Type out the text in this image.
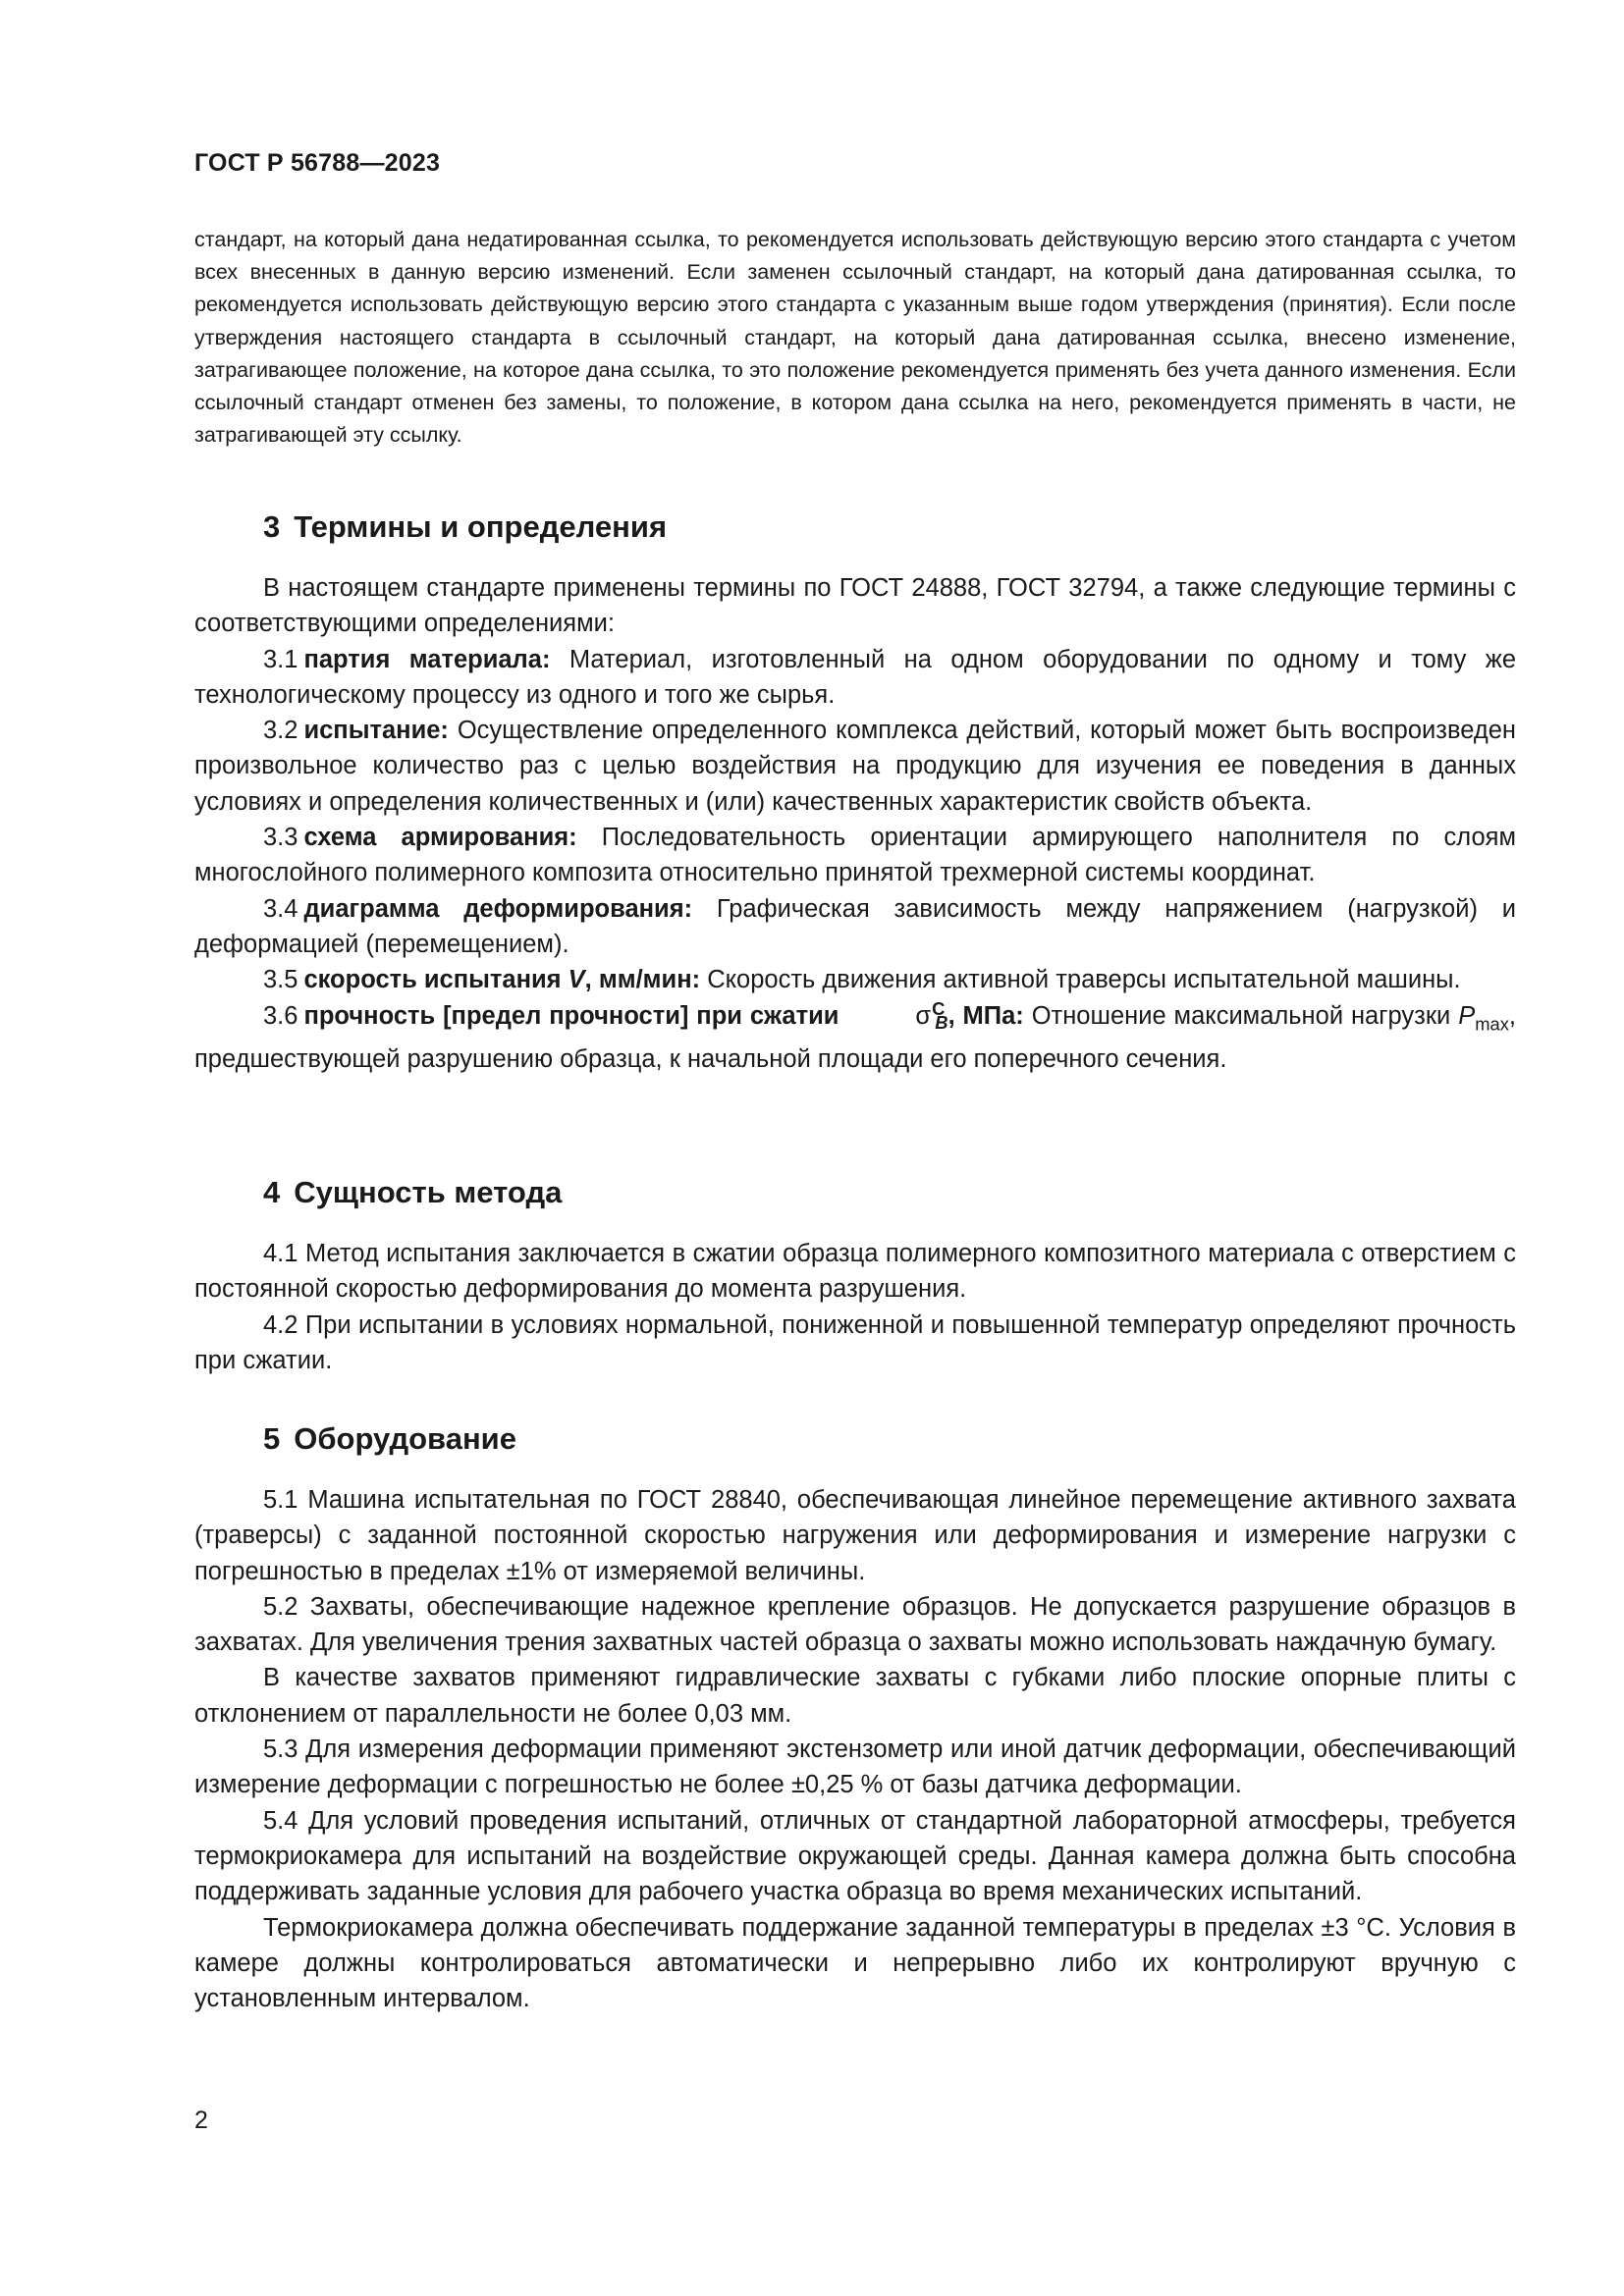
ГОСТ Р 56788—2023

стандарт, на который дана недатированная ссылка, то рекомендуется использовать действующую версию этого стандарта с учетом всех внесенных в данную версию изменений. Если заменен ссылочный стандарт, на который дана датированная ссылка, то рекомендуется использовать действующую версию этого стандарта с указанным выше годом утверждения (принятия). Если после утверждения настоящего стандарта в ссылочный стандарт, на который дана датированная ссылка, внесено изменение, затрагивающее положение, на которое дана ссылка, то это положение рекомендуется применять без учета данного изменения. Если ссылочный стандарт отменен без замены, то положение, в котором дана ссылка на него, рекомендуется применять в части, не затрагивающей эту ссылку.

3 Термины и определения

В настоящем стандарте применены термины по ГОСТ 24888, ГОСТ 32794, а также следующие термины с соответствующими определениями:

3.1 партия материала: Материал, изготовленный на одном оборудовании по одному и тому же технологическому процессу из одного и того же сырья.

3.2 испытание: Осуществление определенного комплекса действий, который может быть воспроизведен произвольное количество раз с целью воздействия на продукцию для изучения ее поведения в данных условиях и определения количественных и (или) качественных характеристик свойств объекта.

3.3 схема армирования: Последовательность ориентации армирующего наполнителя по слоям многослойного полимерного композита относительно принятой трехмерной системы координат.

3.4 диаграмма деформирования: Графическая зависимость между напряжением (нагрузкой) и деформацией (перемещением).

3.5 скорость испытания V, мм/мин: Скорость движения активной траверсы испытательной машины.

3.6 прочность [предел прочности] при сжатии	$\sigma^C_B$, МПа: Отношение максимальной нагрузки $P_{max}$, предшествующей разрушению образца, к начальной площади его поперечного сечения.

4 Сущность метода

4.1 Метод испытания заключается в сжатии образца полимерного композитного материала с отверстием с постоянной скоростью деформирования до момента разрушения.

4.2 При испытании в условиях нормальной, пониженной и повышенной температур определяют прочность при сжатии.

5 Оборудование

5.1 Машина испытательная по ГОСТ 28840, обеспечивающая линейное перемещение активного захвата (траверсы) с заданной постоянной скоростью нагружения или деформирования и измерение нагрузки с погрешностью в пределах ±1% от измеряемой величины.

5.2 Захваты, обеспечивающие надежное крепление образцов. Не допускается разрушение образцов в захватах. Для увеличения трения захватных частей образца о захваты можно использовать наждачную бумагу.

В качестве захватов применяют гидравлические захваты с губками либо плоские опорные плиты с отклонением от параллельности не более 0,03 мм.

5.3 Для измерения деформации применяют экстензометр или иной датчик деформации, обеспечивающий измерение деформации с погрешностью не более ±0,25 % от базы датчика деформации.

5.4 Для условий проведения испытаний, отличных от стандартной лабораторной атмосферы, требуется термокриокамера для испытаний на воздействие окружающей среды. Данная камера должна быть способна поддерживать заданные условия для рабочего участка образца во время механических испытаний.

Термокриокамера должна обеспечивать поддержание заданной температуры в пределах ±3 °C. Условия в камере должны контролироваться автоматически и непрерывно либо их контролируют вручную с установленным интервалом.

2
